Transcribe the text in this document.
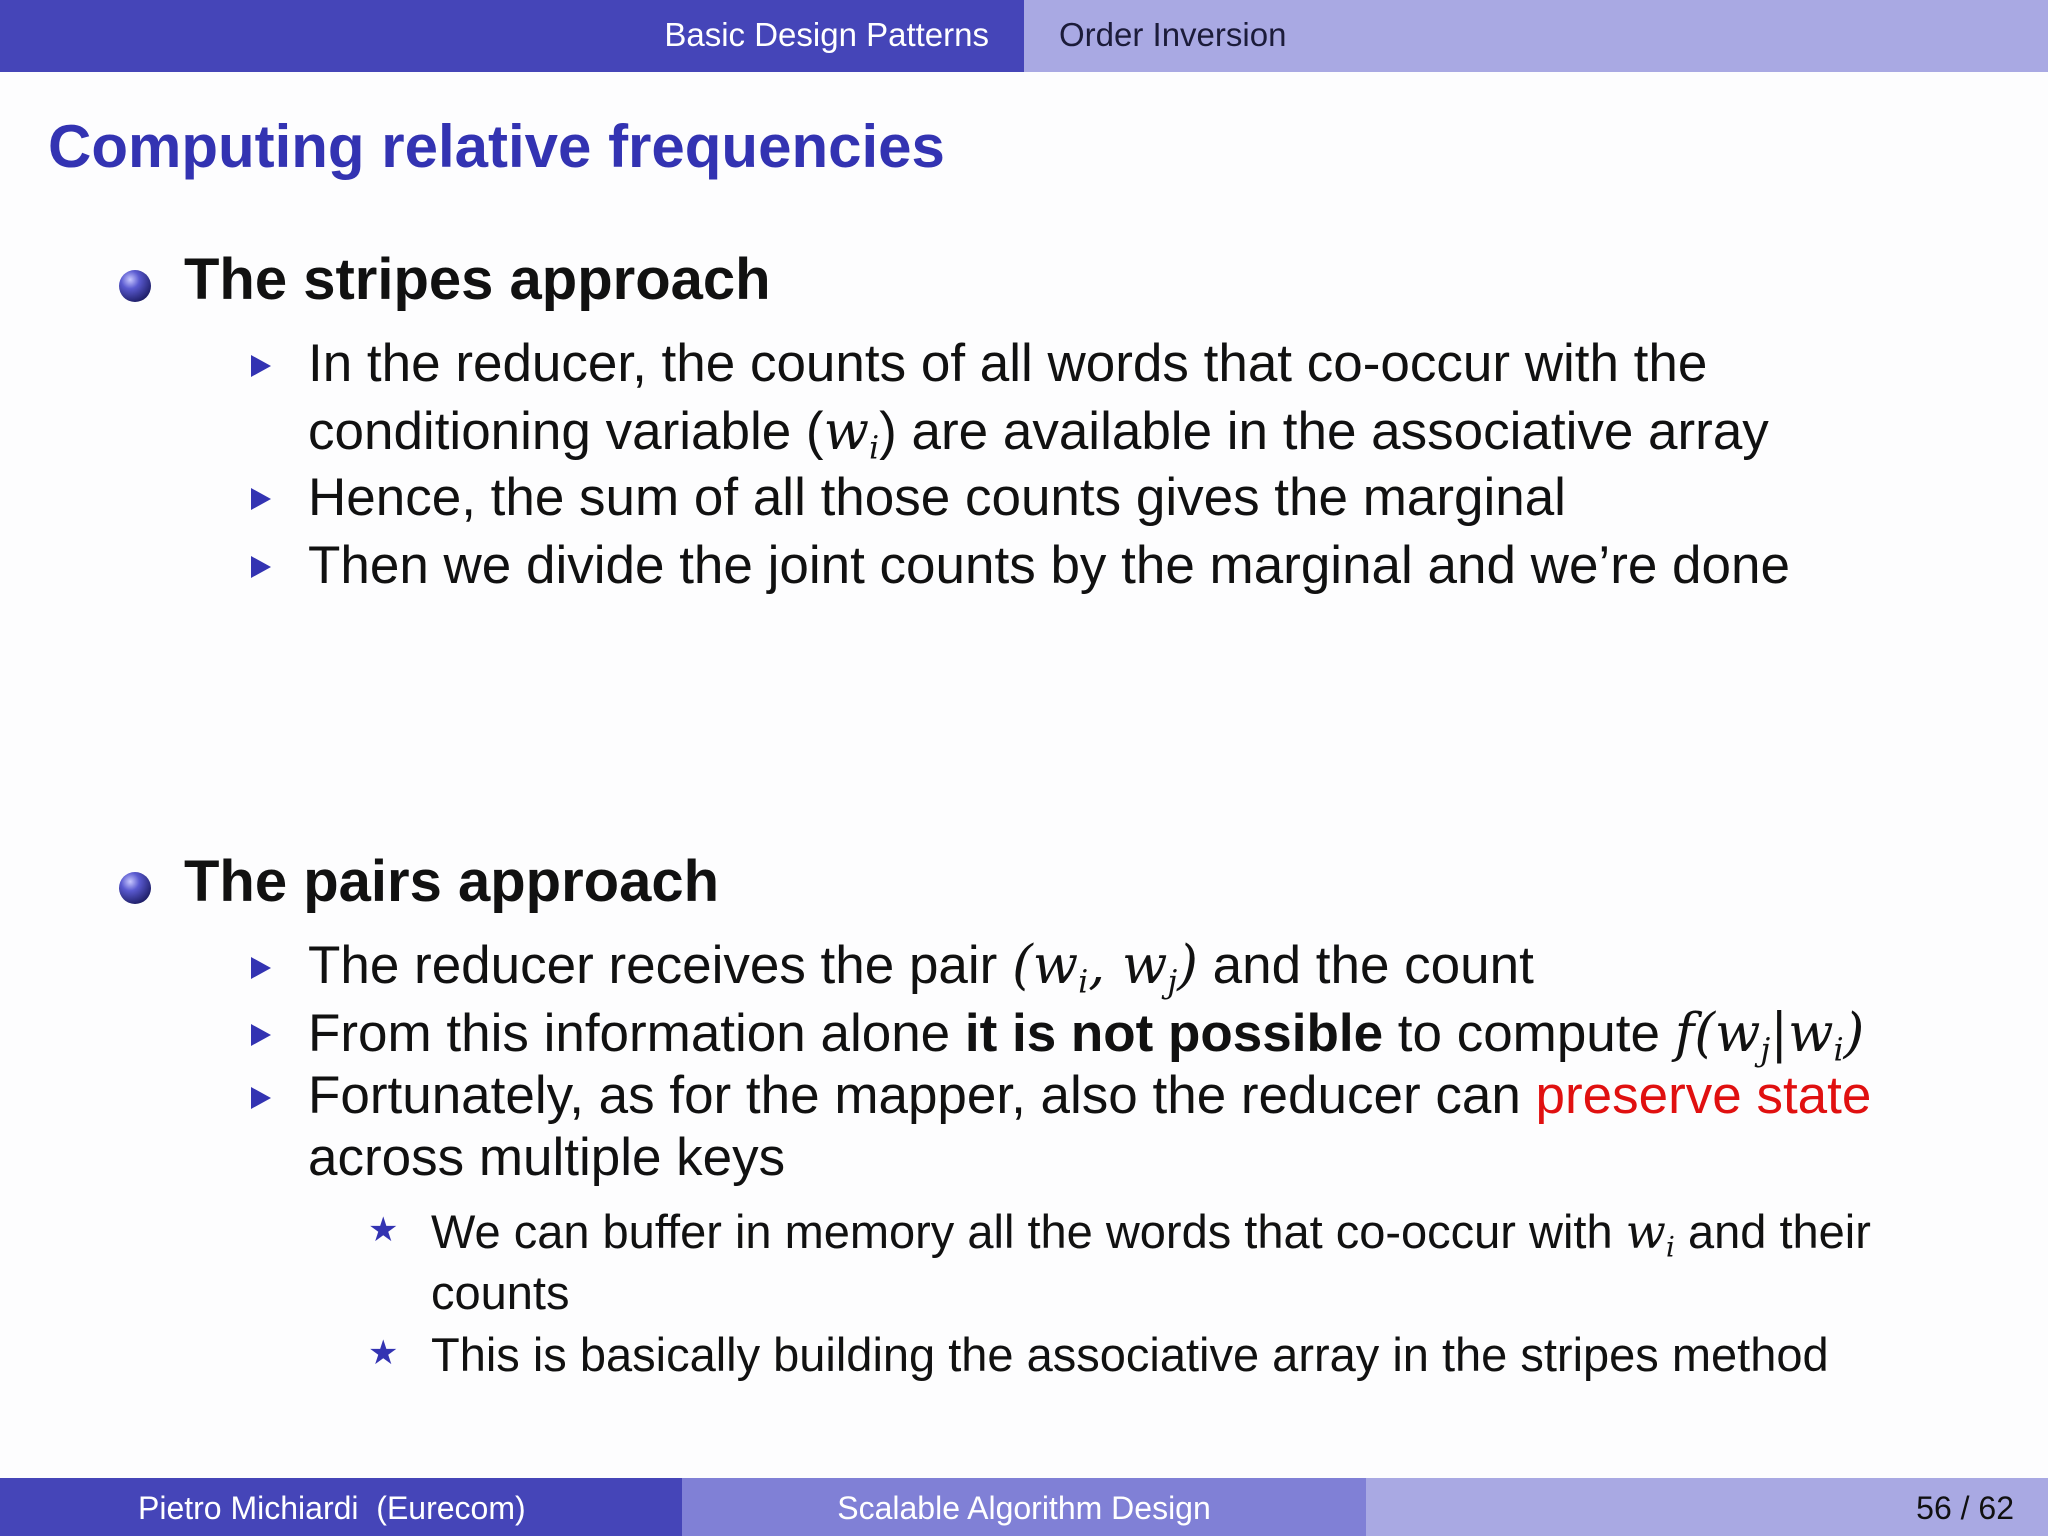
Basic Design Patterns Order Inversion
Computing relative frequencies
The stripes approach
In the reducer, the counts of all words that co-occur with the
conditioning variable $(w_i)$ are available in the associative array
Hence, the sum of all those counts gives the marginal
Then we divide the joint counts by the marginal and we’re done
The pairs approach
The reducer receives the pair ($w_i$, $w_j$) and the count
From this information alone it is not possible to compute $f(w_j|w_i)$
Fortunately, as for the mapper, also the reducer can preserve state
across multiple keys
★ We can buffer in memory all the words that co-occur with $w_i$ and their
counts
★ This is basically building the associative array in the stripes method
Pietro Michiardi  (Eurecom)	Scalable Algorithm Design	56 / 62
